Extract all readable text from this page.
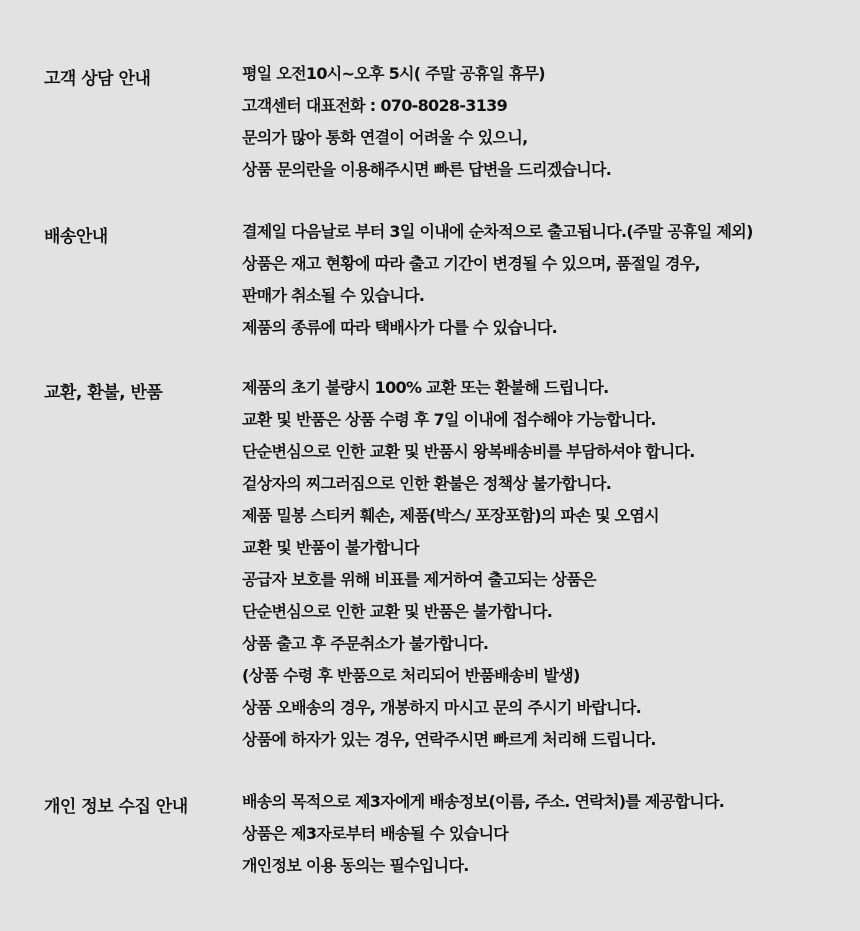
고객 상담 안내	평일 오전10시~오후 5시( 주말 공휴일 휴무)
고객센터 대표전화 : 070-8028-3139
문의가 많아 통화 연결이 어려울 수 있으니,
상품 문의란을 이용해주시면 빠른 답변을 드리겠습니다.
배송안내	결제일 다음날로 부터 3일 이내에 순차적으로 출고됩니다.(주말 공휴일 제외)
상품은 재고 현황에 따라 출고 기간이 변경될 수 있으며, 품절일 경우,
판매가 취소될 수 있습니다.
제품의 종류에 따라 택배사가 다를 수 있습니다.
교환, 환불, 반품	제품의 초기 불량시 100% 교환 또는 환불해 드립니다.
교환 및 반품은 상품 수령 후 7일 이내에 접수해야 가능합니다.
단순변심으로 인한 교환 및 반품시 왕복배송비를 부담하셔야 합니다.
겉상자의 찌그러짐으로 인한 환불은 정책상 불가합니다.
제품 밀봉 스티커 훼손, 제품(박스/ 포장포함)의 파손 및 오염시
교환 및 반품이 불가합니다
공급자 보호를 위해 비표를 제거하여 출고되는 상품은
단순변심으로 인한 교환 및 반품은 불가합니다.
상품 출고 후 주문취소가 불가합니다.
(상품 수령 후 반품으로 처리되어 반품배송비 발생)
상품 오배송의 경우, 개봉하지 마시고 문의 주시기 바랍니다.
상품에 하자가 있는 경우, 연락주시면 빠르게 처리해 드립니다.
개인 정보 수집 안내	배송의 목적으로 제3자에게 배송정보(이름, 주소. 연락처)를 제공합니다.
상품은 제3자로부터 배송될 수 있습니다
개인정보 이용 동의는 필수입니다.
